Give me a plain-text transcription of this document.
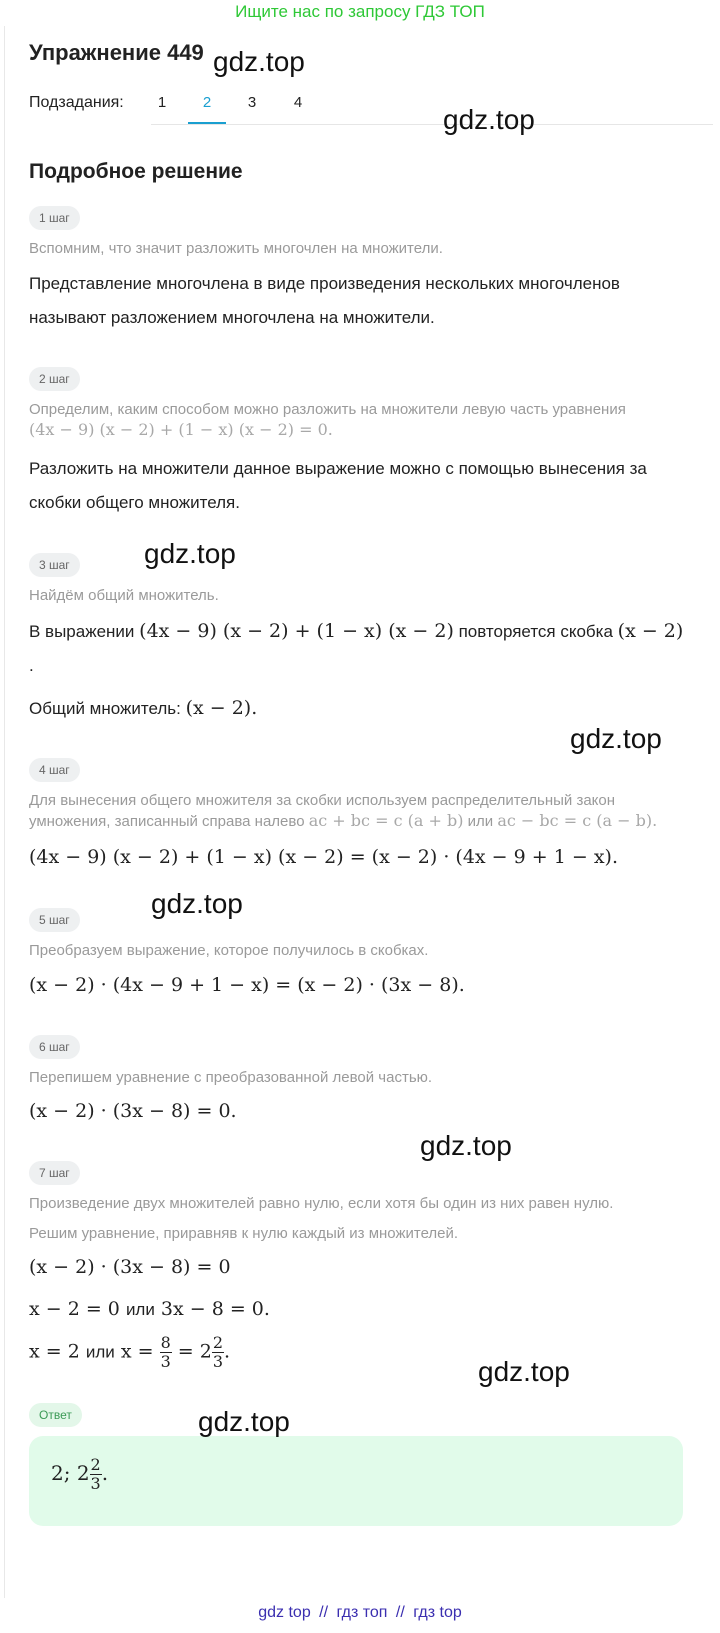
Ищите нас по запросу ГДЗ ТОП
Упражнение 449
Подзадания:	1	2	3	4
Подробное решение
1 шаг
Вспомним, что значит разложить многочлен на множители.
Представление многочлена в виде произведения нескольких многочленов называют разложением многочлена на множители.
2 шаг
Определим, каким способом можно разложить на множители левую часть уравнения
(4x − 9) (x − 2) + (1 − x) (x − 2) = 0.
Разложить на множители данное выражение можно с помощью вынесения за скобки общего множителя.
3 шаг
Найдём общий множитель.
В выражении (4x − 9) (x − 2) + (1 − x) (x − 2) повторяется скобка (x − 2)
.
Общий множитель: (x − 2).
4 шаг
Для вынесения общего множителя за скобки используем распределительный закон умножения, записанный справа налево ac + bc = c (a + b) или ac − bc = c (a − b).
(4x − 9) (x − 2) + (1 − x) (x − 2) = (x − 2) · (4x − 9 + 1 − x).
5 шаг
Преобразуем выражение, которое получилось в скобках.
(x − 2) · (4x − 9 + 1 − x) = (x − 2) · (3x − 8).
6 шаг
Перепишем уравнение с преобразованной левой частью.
(x − 2) · (3x − 8) = 0.
7 шаг
Произведение двух множителей равно нулю, если хотя бы один из них равен нулю.
Решим уравнение, приравняв к нулю каждый из множителей.
(x − 2) · (3x − 8) = 0
x − 2 = 0 или 3x − 8 = 0.
x = 2 или $x = \frac{8}{3} = 2 \frac{2}{3}$ .
Ответ
2; $2 \frac{2}{3}$ .
gdz.top
gdz.top
gdz.top
gdz.top
gdz.top
gdz.top
gdz.top
gdz.top
gdz top // гдз топ // гдз top
